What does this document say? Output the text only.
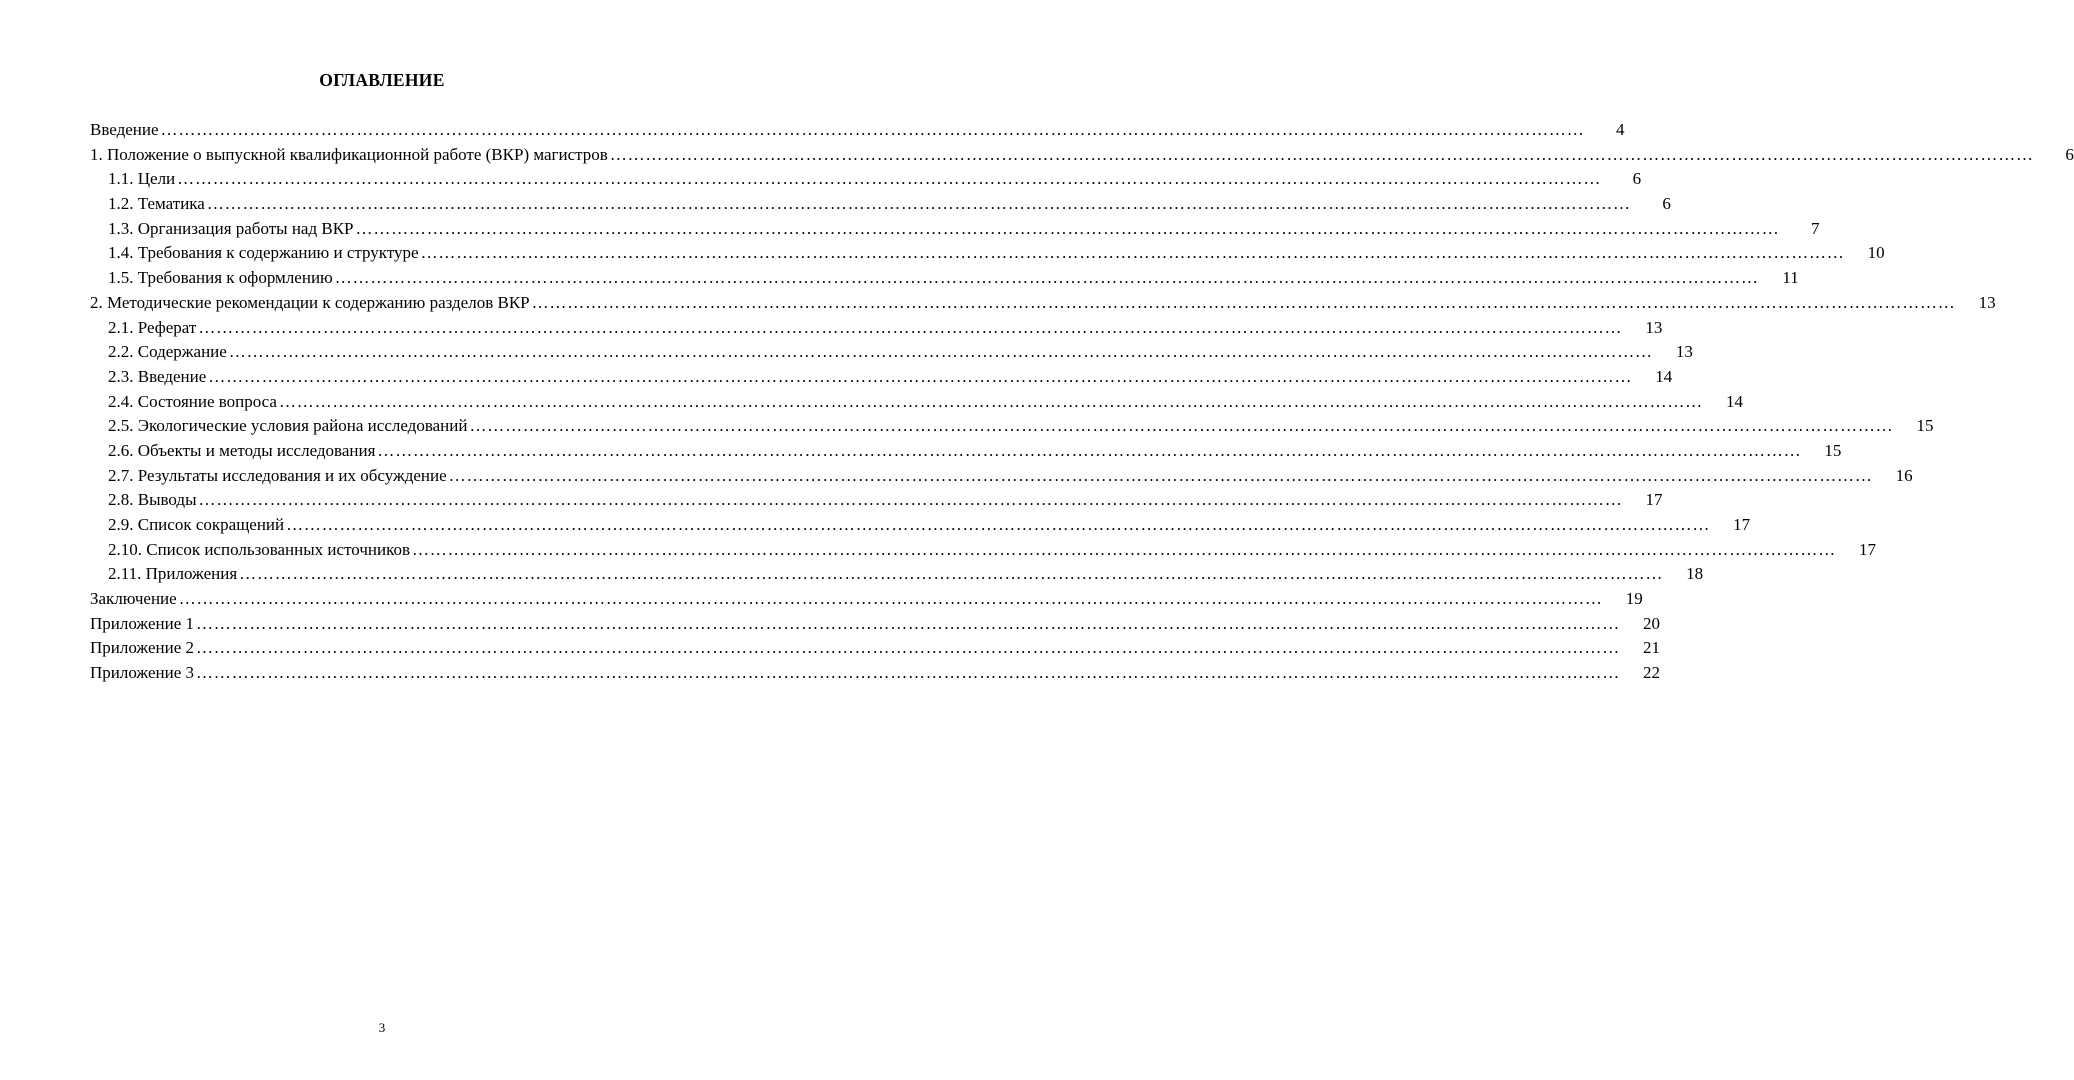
ОГЛАВЛЕНИЕ
Введение ……………………………………………………………………………………………………………………………………………………………………………………………………………………	4
1. Положение о выпускной квалификационной работе (ВКР) магистров ……………………………………………………………………………………………………………………………………………………………………………………………………………………	6
1.1. Цели ……………………………………………………………………………………………………………………………………………………………………………………………………………………	6
1.2. Тематика ……………………………………………………………………………………………………………………………………………………………………………………………………………………	6
1.3. Организация работы над ВКР ……………………………………………………………………………………………………………………………………………………………………………………………………………………	7
1.4. Требования к содержанию и структуре ……………………………………………………………………………………………………………………………………………………………………………………………………………………	10
1.5. Требования к оформлению ……………………………………………………………………………………………………………………………………………………………………………………………………………………	11
2. Методические рекомендации к содержанию разделов ВКР ……………………………………………………………………………………………………………………………………………………………………………………………………………………	13
2.1. Реферат ……………………………………………………………………………………………………………………………………………………………………………………………………………………	13
2.2. Содержание ……………………………………………………………………………………………………………………………………………………………………………………………………………………	13
2.3. Введение ……………………………………………………………………………………………………………………………………………………………………………………………………………………	14
2.4. Состояние вопроса ……………………………………………………………………………………………………………………………………………………………………………………………………………………	14
2.5. Экологические условия района исследований ……………………………………………………………………………………………………………………………………………………………………………………………………………………	15
2.6. Объекты и методы исследования ……………………………………………………………………………………………………………………………………………………………………………………………………………………	15
2.7. Результаты исследования и их обсуждение ……………………………………………………………………………………………………………………………………………………………………………………………………………………	16
2.8. Выводы ……………………………………………………………………………………………………………………………………………………………………………………………………………………	17
2.9. Список сокращений ……………………………………………………………………………………………………………………………………………………………………………………………………………………	17
2.10. Список использованных источников ……………………………………………………………………………………………………………………………………………………………………………………………………………………	17
2.11. Приложения ……………………………………………………………………………………………………………………………………………………………………………………………………………………	18
Заключение ……………………………………………………………………………………………………………………………………………………………………………………………………………………	19
Приложение 1 ……………………………………………………………………………………………………………………………………………………………………………………………………………………	20
Приложение 2 ……………………………………………………………………………………………………………………………………………………………………………………………………………………	21
Приложение 3 ……………………………………………………………………………………………………………………………………………………………………………………………………………………	22
3
